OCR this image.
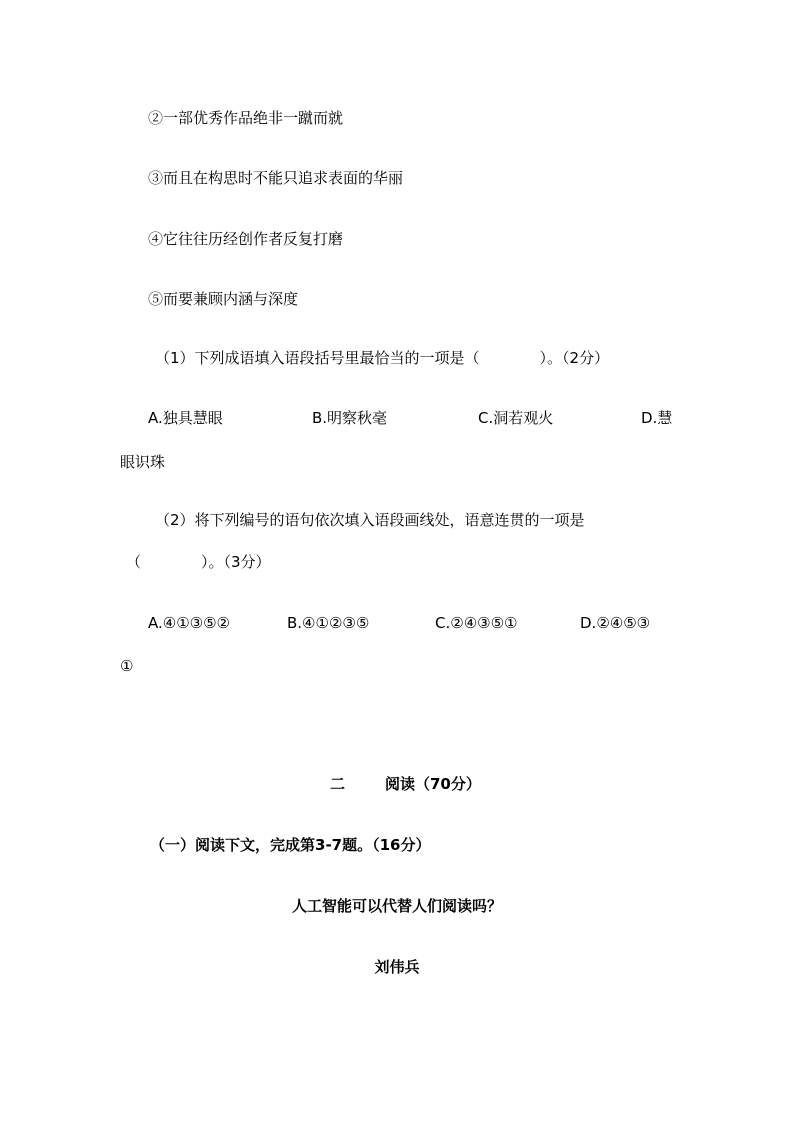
②一部优秀作品绝非一蹴而就
③而且在构思时不能只追求表面的华丽
④它往往历经创作者反复打磨
⑤而要兼顾内涵与深度
（1）下列成语填入语段括号里最恰当的一项是（　　　　）。（2分）
A.独具慧眼	B.明察秋毫	C.洞若观火	D.慧
眼识珠
（2）将下列编号的语句依次填入语段画线处，语意连贯的一项是
（　　　　）。（3分）
A.④①③⑤②	B.④①②③⑤	C.②④③⑤①	D.②④⑤③
①
二	阅读（70分）
（一）阅读下文，完成第3-7题。（16分）
人工智能可以代替人们阅读吗？
刘伟兵
